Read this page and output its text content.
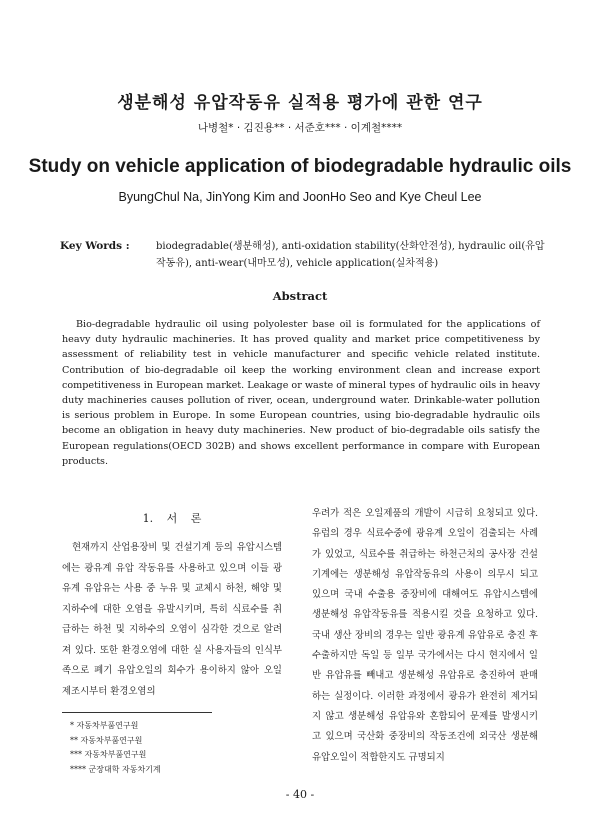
생분해성 유압작동유 실적용 평가에 관한 연구
나병철* · 김진용** · 서준호*** · 이계철****
Study on vehicle application of biodegradable hydraulic oils
ByungChul Na, JinYong Kim and JoonHo Seo and Kye Cheul Lee
Key Words :	biodegradable(생분해성), anti-oxidation stability(산화안전성), hydraulic oil(유압작동유), anti-wear(내마모성), vehicle application(실차적용)
Abstract
Bio-degradable hydraulic oil using polyolester base oil is formulated for the applications of heavy duty hydraulic machineries. It has proved quality and market price competitiveness by assessment of reliability test in vehicle manufacturer and specific vehicle related institute. Contribution of bio-degradable oil keep the working environment clean and increase export competitiveness in European market. Leakage or waste of mineral types of hydraulic oils in heavy duty machineries causes pollution of river, ocean, underground water. Drinkable-water pollution is serious problem in Europe. In some European countries, using bio-degradable hydraulic oils become an obligation in heavy duty machineries. New product of bio-degradable oils satisfy the European regulations(OECD 302B) and shows excellent performance in compare with European products.
1. 서 론
현재까지 산업용장비 및 건설기계 등의 유압시스템에는 광유계 유압 작동유를 사용하고 있으며 이들 광유계 유압유는 사용 중 누유 및 교체시 하천, 해양 및 지하수에 대한 오염을 유발시키며, 특히 식료수를 취급하는 하천 및 지하수의 오염이 심각한 것으로 알려져 있다. 또한 환경오염에 대한 실 사용자들의 인식부족으로 폐기 유압오일의 회수가 용이하지 않아 오일 제조시부터 환경오염의
우려가 적은 오일제품의 개발이 시급히 요청되고 있다. 유럽의 경우 식료수중에 광유계 오일이 검출되는 사례가 있었고, 식료수를 취급하는 하천근처의 공사장 건설기계에는 생분해성 유압작동유의 사용이 의무시 되고 있으며 국내 수출용 중장비에 대해여도 유압시스템에 생분해성 유압작동유를 적용시킬 것을 요청하고 있다. 국내 생산 장비의 경우는 일반 광유계 유압유로 충진 후 수출하지만 독일 등 일부 국가에서는 다시 현지에서 일반 유압유를 빼내고 생분해성 유압유로 충진하여 판매하는 실정이다. 이러한 과정에서 광유가 완전히 제거되지 않고 생분해성 유압유와 혼합되어 문제를 발생시키고 있으며 국산화 중장비의 작동조건에 외국산 생분해 유압오일이 적합한지도 규명되지
* 자동차부품연구원
** 자동차부품연구원
*** 자동차부품연구원
**** 군장대학 자동차기계
- 40 -
